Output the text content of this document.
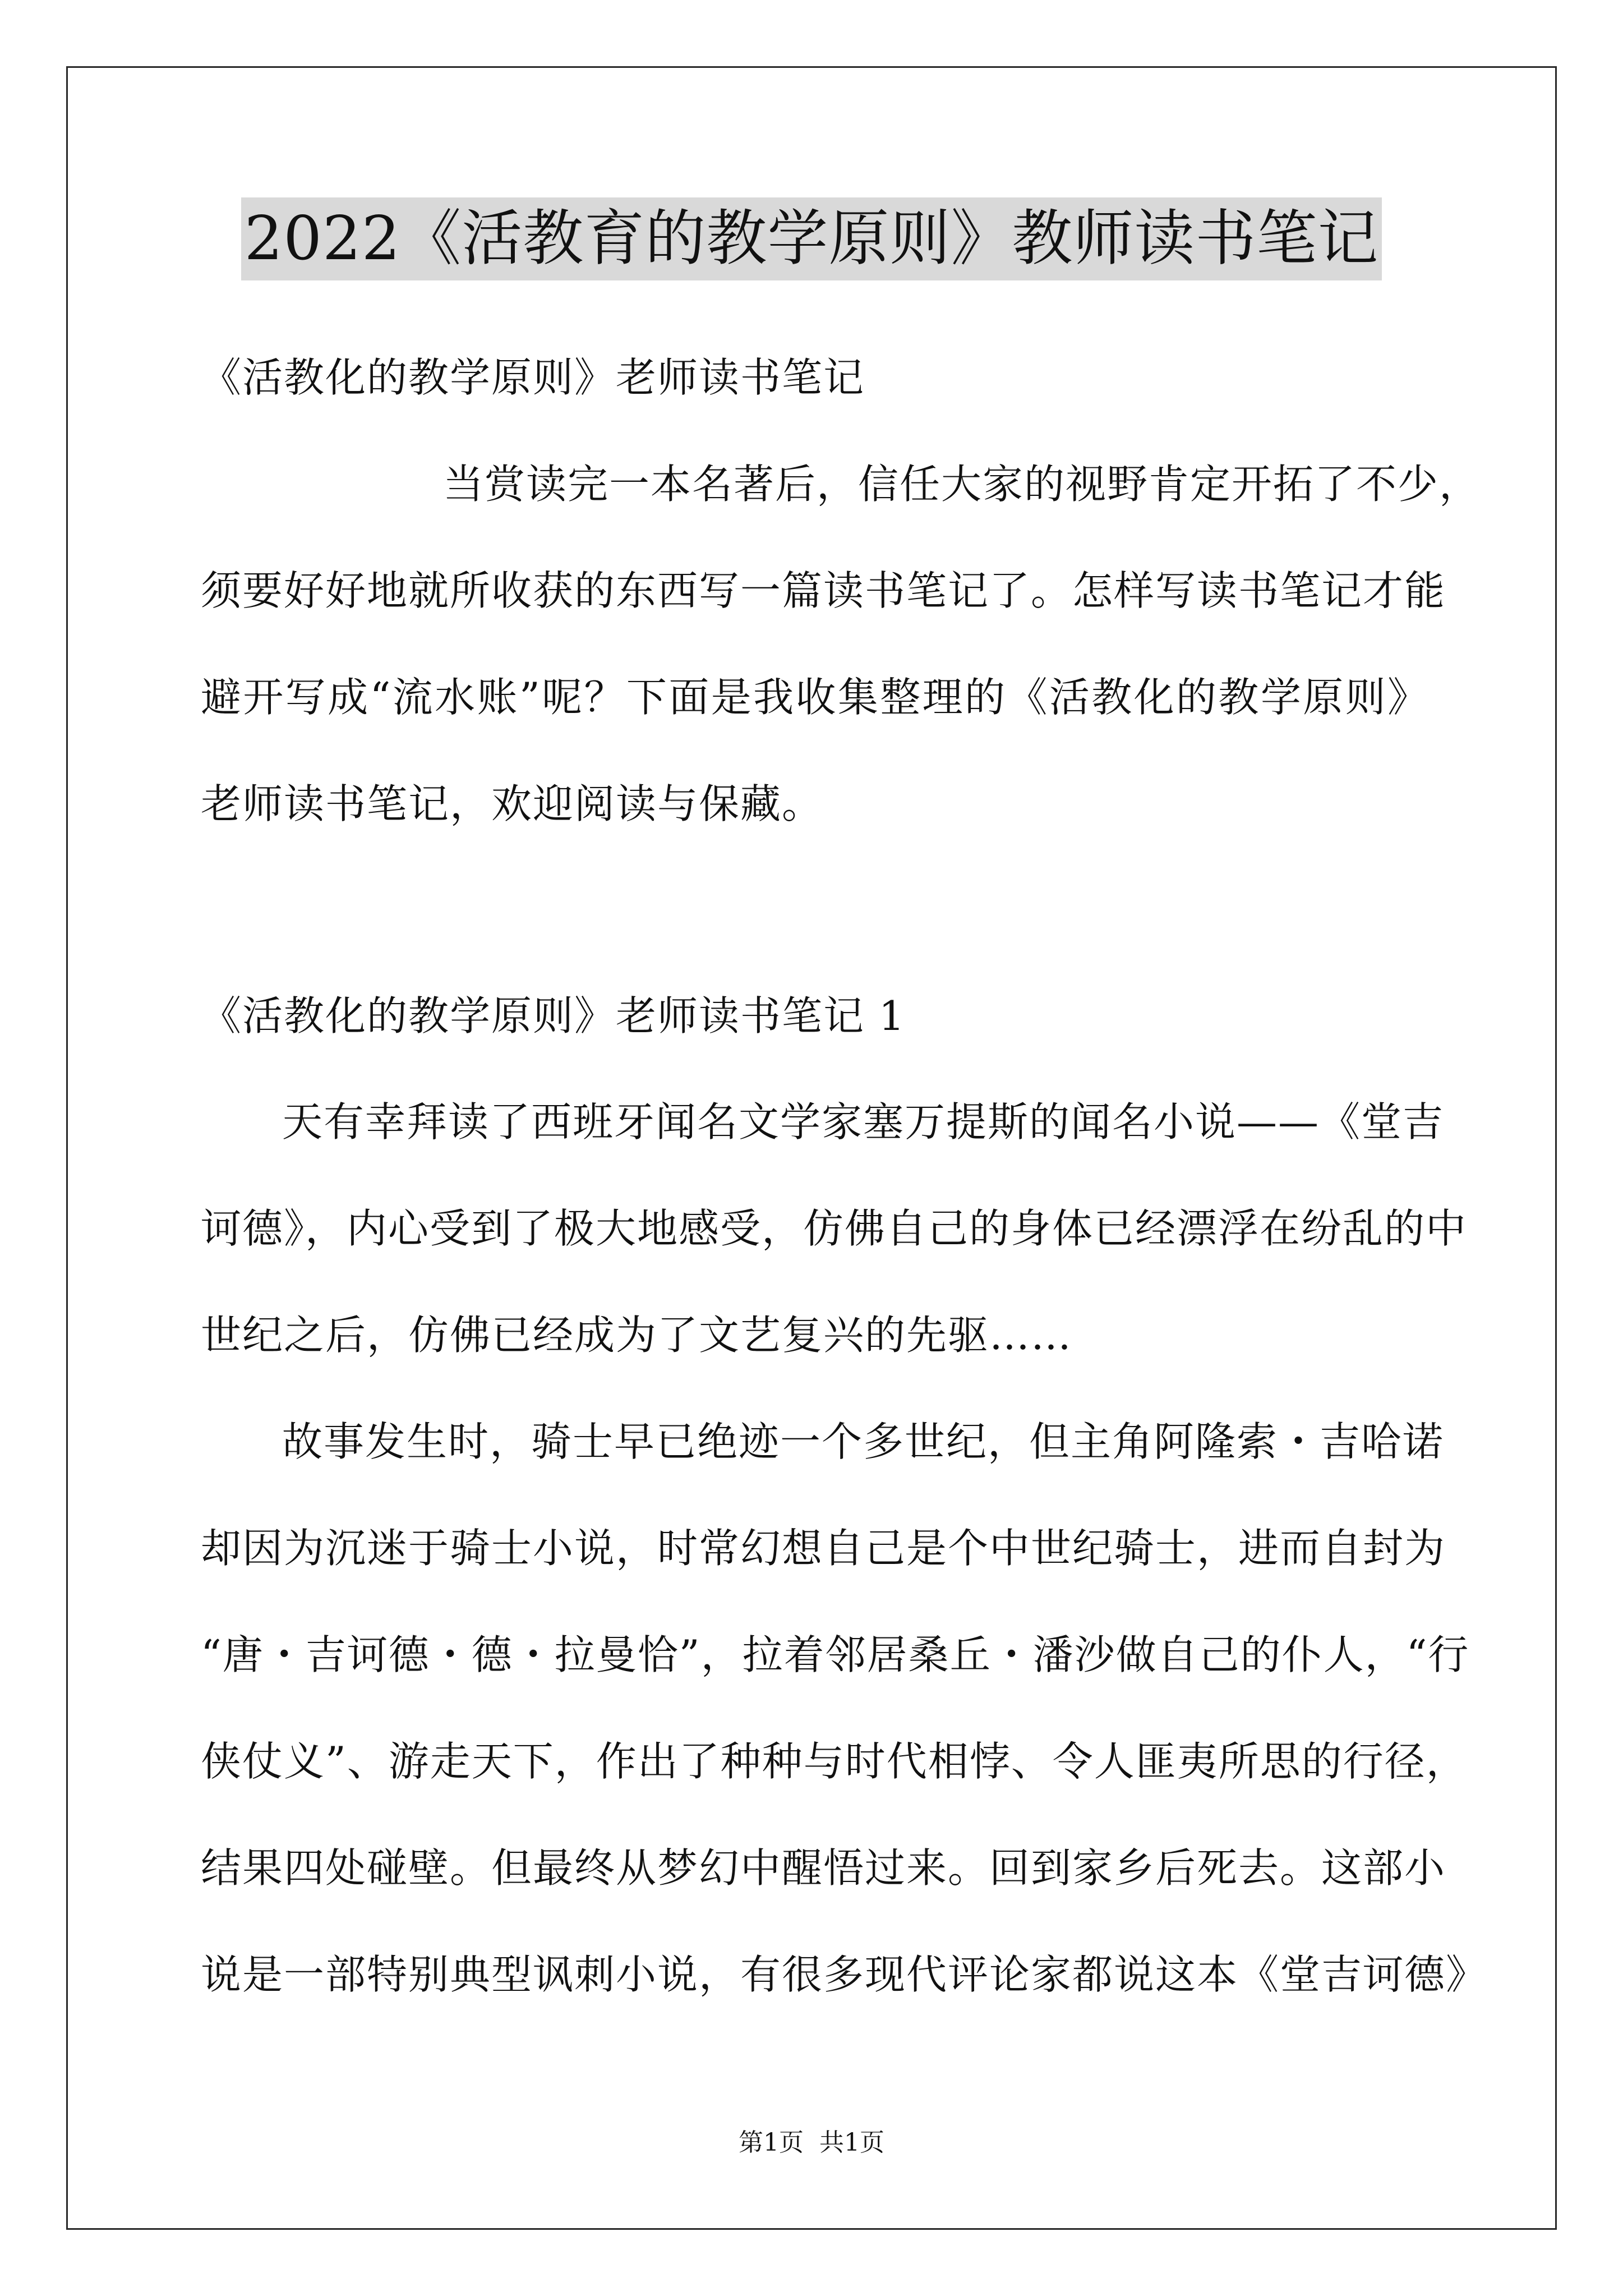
2022《活教育的教学原则》教师读书笔记
《活教化的教学原则》老师读书笔记
当赏读完一本名著后，信任大家的视野肯定开拓了不少，
须要好好地就所收获的东西写一篇读书笔记了。怎样写读书笔记才能
避开写成“流水账”呢？下面是我收集整理的《活教化的教学原则》
老师读书笔记，欢迎阅读与保藏。
《活教化的教学原则》老师读书笔记 1
天有幸拜读了西班牙闻名文学家塞万提斯的闻名小说——《堂吉
诃德》，内心受到了极大地感受，仿佛自己的身体已经漂浮在纷乱的中
世纪之后，仿佛已经成为了文艺复兴的先驱……
故事发生时，骑士早已绝迹一个多世纪，但主角阿隆索・吉哈诺
却因为沉迷于骑士小说，时常幻想自己是个中世纪骑士，进而自封为
“唐・吉诃德・德・拉曼恰”，拉着邻居桑丘・潘沙做自己的仆人，“行
侠仗义”、游走天下，作出了种种与时代相悖、令人匪夷所思的行径，
结果四处碰壁。但最终从梦幻中醒悟过来。回到家乡后死去。这部小
说是一部特别典型讽刺小说，有很多现代评论家都说这本《堂吉诃德》
第1页 共1页
